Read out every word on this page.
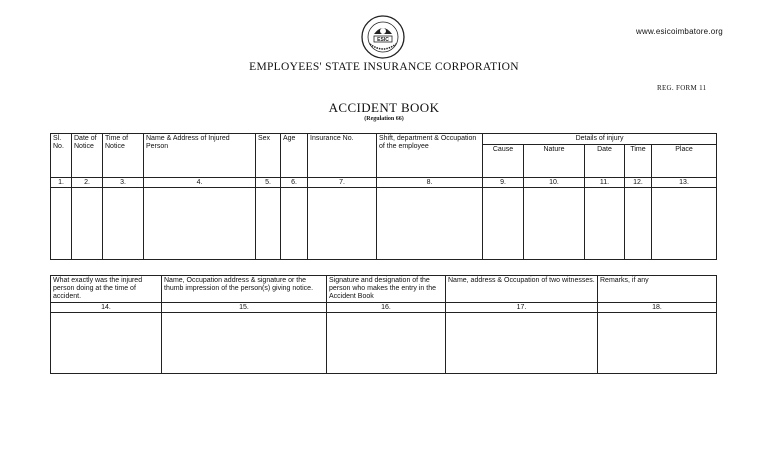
ESIC
www.esicoimbatore.org
EMPLOYEES' STATE INSURANCE CORPORATION
REG. FORM 11
ACCIDENT BOOK
(Regulation 66)
Sl. No.	Date of Notice	Time of Notice	Name & Address of Injured Person	Sex	Age	Insurance No.	Shift, department & Occupation of the employee	Details of injury				
								Cause	Nature	Date	Time	Place
1.	2.	3.	4.	5.	6.	7.	8.	9.	10.	11.	12.	13.

What exactly was the injured person doing at the time of accident.	Name, Occupation address & signature or the thumb impression of the person(s) giving notice.	Signature and designation of the person who makes the entry in the Accident Book	Name, address & Occupation of two witnesses.	Remarks, if any
14.	15.	16.	17.	18.
